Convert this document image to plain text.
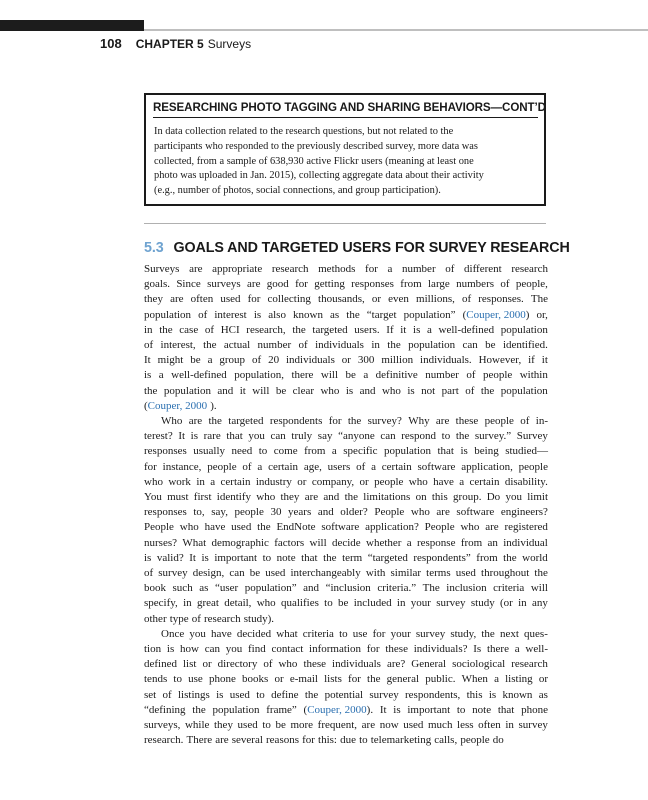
108 CHAPTER 5 Surveys
RESEARCHING PHOTO TAGGING AND SHARING BEHAVIORS—CONT’D
In data collection related to the research questions, but not related to the
participants who responded to the previously described survey, more data was
collected, from a sample of 638,930 active Flickr users (meaning at least one
photo was uploaded in Jan. 2015), collecting aggregate data about their activity
(e.g., number of photos, social connections, and group participation).
5.3 GOALS AND TARGETED USERS FOR SURVEY RESEARCH
Surveys are appropriate research methods for a number of different research
goals. Since surveys are good for getting responses from large numbers of people,
they are often used for collecting thousands, or even millions, of responses. The
population of interest is also known as the “target population” (Couper, 2000) or,
in the case of HCI research, the targeted users. If it is a well-defined population
of interest, the actual number of individuals in the population can be identified.
It might be a group of 20 individuals or 300 million individuals. However, if it
is a well-defined population, there will be a definitive number of people within
the population and it will be clear who is and who is not part of the population
(Couper, 2000 ).
Who are the targeted respondents for the survey? Why are these people of in-
terest? It is rare that you can truly say “anyone can respond to the survey.” Survey
responses usually need to come from a specific population that is being studied—
for instance, people of a certain age, users of a certain software application, people
who work in a certain industry or company, or people who have a certain disability.
You must first identify who they are and the limitations on this group. Do you limit
responses to, say, people 30 years and older? People who are software engineers?
People who have used the EndNote software application? People who are registered
nurses? What demographic factors will decide whether a response from an individual
is valid? It is important to note that the term “targeted respondents” from the world
of survey design, can be used interchangeably with similar terms used throughout the
book such as “user population” and “inclusion criteria.” The inclusion criteria will
specify, in great detail, who qualifies to be included in your survey study (or in any
other type of research study).
Once you have decided what criteria to use for your survey study, the next ques-
tion is how can you find contact information for these individuals? Is there a well-
defined list or directory of who these individuals are? General sociological research
tends to use phone books or e-mail lists for the general public. When a listing or
set of listings is used to define the potential survey respondents, this is known as
“defining the population frame” (Couper, 2000). It is important to note that phone
surveys, while they used to be more frequent, are now used much less often in survey
research. There are several reasons for this: due to telemarketing calls, people do
